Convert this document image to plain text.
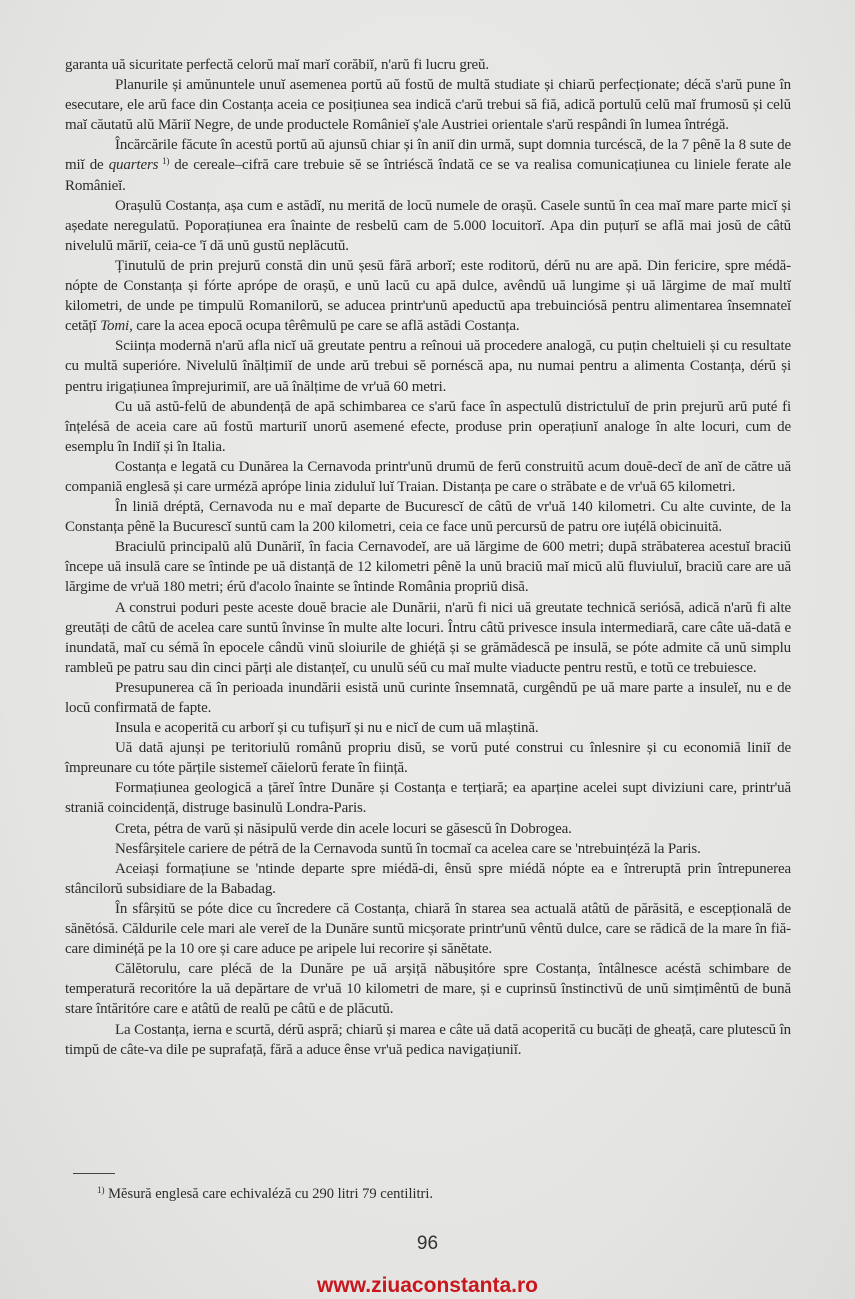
garanta uă sicuritate perfectă celorŭ maĭ marĭ corăbiĭ, n'arŭ fi lucru greŭ.

Planurile și amŭnuntele unuĭ asemenea portŭ aŭ fostŭ de multă studiate și chiarŭ perfecționate; décă s'arŭ pune în esecutare, ele arŭ face din Costanța aceia ce posițiunea sea indică c'arŭ trebui să fiă, adică portulŭ celŭ maĭ frumosŭ și celŭ maĭ căutatŭ alŭ Măriĭ Negre, de unde productele Românieĭ ș'ale Austriei orientale s'arŭ respândi în lumea întrégă.

Încărcările făcute în acestŭ portŭ aŭ ajunsŭ chiar și în aniĭ din urmă, supt domnia turcéscă, de la 7 pênĕ la 8 sute de miĭ de quarters $^{1)}$ de cereale–cifră care trebuie sĕ se întriéscă îndată ce se va realisa comunicațiunea cu liniele ferate ale Românieĭ.

Orașulŭ Costanța, așa cum e astădĭ, nu merită de locŭ numele de orașŭ. Casele suntŭ în cea maĭ mare parte micĭ și aședate neregulatŭ. Poporațiunea era înainte de resbelŭ cam de 5.000 locuitorĭ. Apa din puțurĭ se află mai josŭ de câtŭ nivelulŭ măriĭ, ceia-ce 'ĭ dă unŭ gustŭ neplăcutŭ.

Ținutulŭ de prin prejurŭ constă din unŭ șesŭ fără arborĭ; este roditorŭ, dérŭ nu are apă. Din fericire, spre médă-nópte de Constanța și fórte aprópe de orașŭ, e unŭ lacŭ cu apă dulce, avêndŭ uă lungime și uă lărgime de maĭ multĭ kilometri, de unde pe timpulŭ Romanilorŭ, se aducea printr'unŭ apeductŭ apa trebuinciósă pentru alimentarea însemnateĭ cetățĭ Tomi, care la acea epocă ocupa têrêmulŭ pe care se află astădi Costanța.

Sciința modernă n'arŭ afla nicĭ uă greutate pentru a reînoui uă procedere analogă, cu puțin cheltuieli și cu resultate cu multă superióre. Nivelulŭ înălțimiĭ de unde arŭ trebui sĕ pornéscă apa, nu numai pentru a alimenta Costanța, dérŭ și pentru irigațiunea împrejurimiĭ, are uă înălțime de vr'uă 60 metri.

Cu uă astŭ-felŭ de abundență de apă schimbarea ce s'arŭ face în aspectulŭ districtuluĭ de prin prejurŭ arŭ puté fi înțelésă de aceia care aŭ fostŭ marturiĭ unorŭ asemené efecte, produse prin operațiunĭ analoge în alte locuri, cum de esemplu în Indiĭ și în Italia.

Costanța e legată cu Dunărea la Cernavoda printr'unŭ drumŭ de ferŭ construitŭ acum douĕ-decĭ de anĭ de către uă companiă englesă și care urméză aprópe linia ziduluĭ luĭ Traian. Distanța pe care o străbate e de vr'uă 65 kilometri.

În liniă dréptă, Cernavoda nu e maĭ departe de Bucurescĭ de câtŭ de vr'uă 140 kilometri. Cu alte cuvinte, de la Constanța pênĕ la Bucurescĭ suntŭ cam la 200 kilometri, ceia ce face unŭ percursŭ de patru ore iuțélă obicinuită.

Braciulŭ principalŭ alŭ Dunăriĭ, în facia Cernavodeĭ, are uă lărgime de 600 metri; după străbaterea acestuĭ braciŭ începe uă insulă care se întinde pe uă distanță de 12 kilometri pênĕ la unŭ braciŭ maĭ micŭ alŭ fluviuluĭ, braciŭ care are uă lărgime de vr'uă 180 metri; érŭ d'acolo înainte se întinde România propriŭ disă.

A construi poduri peste aceste douĕ bracie ale Dunării, n'arŭ fi nici uă greutate technică seriósă, adică n'arŭ fi alte greutăți de câtŭ de acelea care suntŭ învinse în multe alte locuri. Întru câtŭ privesce insula intermediară, care câte uă-dată e inundată, maĭ cu sémă în epocele cândŭ vinŭ sloiurile de ghiéță și se grămădescă pe insulă, se póte admite că unŭ simplu rambleŭ pe patru sau din cinci părți ale distanțeĭ, cu unulŭ séŭ cu maĭ multe viaducte pentru restŭ, e totŭ ce trebuiesce.

Presupunerea că în perioada inundării esistă unŭ curinte însemnată, curgêndŭ pe uă mare parte a insuleĭ, nu e de locŭ confirmată de fapte.

Insula e acoperită cu arborĭ și cu tufișurĭ și nu e nicĭ de cum uă mlaștină.

Uă dată ajunși pe teritoriulŭ românŭ propriu disŭ, se vorŭ puté construi cu înlesnire și cu economiă liniĭ de împreunare cu tóte părțile sistemeĭ căielorŭ ferate în ființă.

Formațiunea geologică a țăreĭ între Dunăre și Costanța e terțiară; ea aparține acelei supt diviziuni care, printr'uă straniă coincidență, distruge basinulŭ Londra-Paris.

Creta, pétra de varŭ și năsipulŭ verde din acele locuri se găsescŭ în Dobrogea.

Nesfârșitele cariere de pétră de la Cernavoda suntŭ în tocmaĭ ca acelea care se 'ntrebuințéză la Paris.

Aceiași formațiune se 'ntinde departe spre miédă-di, ênsŭ spre miédă nópte ea e întreruptă prin întrepunerea stâncilorŭ subsidiare de la Babadag.

În sfârșitŭ se póte dice cu încredere că Costanța, chiară în starea sea actuală atâtŭ de părăsită, e escepțională de sănĕtósă. Căldurile cele mari ale vereĭ de la Dunăre suntŭ micșorate printr'unŭ vêntŭ dulce, care se rădică de la mare în fiă-care diminéță pe la 10 ore și care aduce pe aripele lui recorire și sănĕtate.

Călĕtorulu, care plécă de la Dunăre pe uă arșiță năbușitóre spre Costanța, întâlnesce acéstă schimbare de temperatură recoritóre la uă depărtare de vr'uă 10 kilometri de mare, și e cuprinsŭ înstinctivŭ de unŭ simțimêntŭ de bună stare întăritóre care e atâtŭ de realŭ pe câtŭ e de plăcutŭ.

La Costanța, ierna e scurtă, dérŭ aspră; chiarŭ și marea e câte uă dată acoperită cu bucăți de gheață, care plutescŭ în timpŭ de câte-va dile pe suprafață, fără a aduce ênse vr'uă pedica navigațiuniĭ.

$^{1)}$ Mĕsură englesă care echivaléză cu 290 litri 79 centilitri.
96
www.ziuaconstanta.ro
